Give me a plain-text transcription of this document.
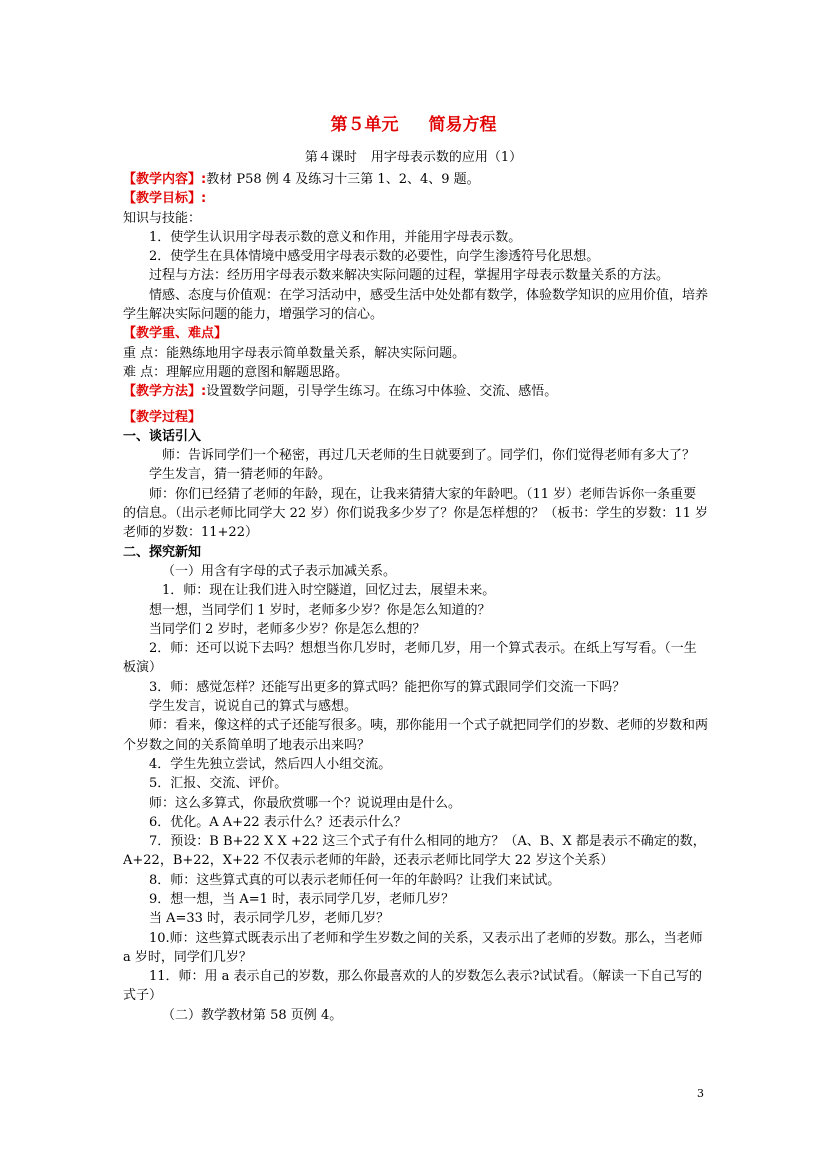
第５单元 简易方程
第４课时 用字母表示数的应用（1）

【教学内容】:教材 P58 例 4 及练习十三第 1、2、4、9 题。

【教学目标】:

知识与技能：

1．使学生认识用字母表示数的意义和作用，并能用字母表示数。

2．使学生在具体情境中感受用字母表示数的必要性，向学生渗透符号化思想。

过程与方法：经历用字母表示数来解决实际问题的过程，掌握用字母表示数量关系的方法。

情感、态度与价值观：在学习活动中，感受生活中处处都有数学，体验数学知识的应用价值，培养学生解决实际问题的能力，增强学习的信心。

【教学重、难点】

重 点：能熟练地用字母表示简单数量关系，解决实际问题。

难 点：理解应用题的意图和解题思路。

【教学方法】:设置数学问题，引导学生练习。在练习中体验、交流、感悟。

【教学过程】

一、谈话引入

师：告诉同学们一个秘密，再过几天老师的生日就要到了。同学们，你们觉得老师有多大了？

学生发言，猜一猜老师的年龄。

师：你们已经猜了老师的年龄，现在，让我来猜猜大家的年龄吧。（11 岁）老师告诉你一条重要的信息。（出示老师比同学大 22 岁）你们说我多少岁了？你是怎样想的？（板书：学生的岁数：11 岁 老师的岁数：11+22）

二、探究新知

（一）用含有字母的式子表示加减关系。

1．师：现在让我们进入时空隧道，回忆过去，展望未来。

想一想，当同学们 1 岁时，老师多少岁？你是怎么知道的？

当同学们 2 岁时，老师多少岁？你是怎么想的？

2．师：还可以说下去吗？想想当你几岁时，老师几岁，用一个算式表示。在纸上写写看。（一生板演）

3．师：感觉怎样？还能写出更多的算式吗？能把你写的算式跟同学们交流一下吗？

学生发言，说说自己的算式与感想。

师：看来，像这样的式子还能写很多。咦，那你能用一个式子就把同学们的岁数、老师的岁数和两个岁数之间的关系简单明了地表示出来吗？

4．学生先独立尝试，然后四人小组交流。

5．汇报、交流、评价。

师：这么多算式，你最欣赏哪一个？说说理由是什么。

6．优化。A A+22 表示什么？还表示什么？

7．预设：B B+22 X X +22 这三个式子有什么相同的地方？（A、B、X 都是表示不确定的数，A+22，B+22，X+22 不仅表示老师的年龄，还表示老师比同学大 22 岁这个关系）

8．师：这些算式真的可以表示老师任何一年的年龄吗？让我们来试试。

9．想一想，当 A=1 时，表示同学几岁，老师几岁？

当 A=33 时，表示同学几岁，老师几岁？

10.师：这些算式既表示出了老师和学生岁数之间的关系，又表示出了老师的岁数。那么，当老师 a 岁时，同学们几岁？

11．师：用 a 表示自己的岁数，那么你最喜欢的人的岁数怎么表示?试试看。（解读一下自己写的式子）

（二）教学教材第 58 页例 4。

3
